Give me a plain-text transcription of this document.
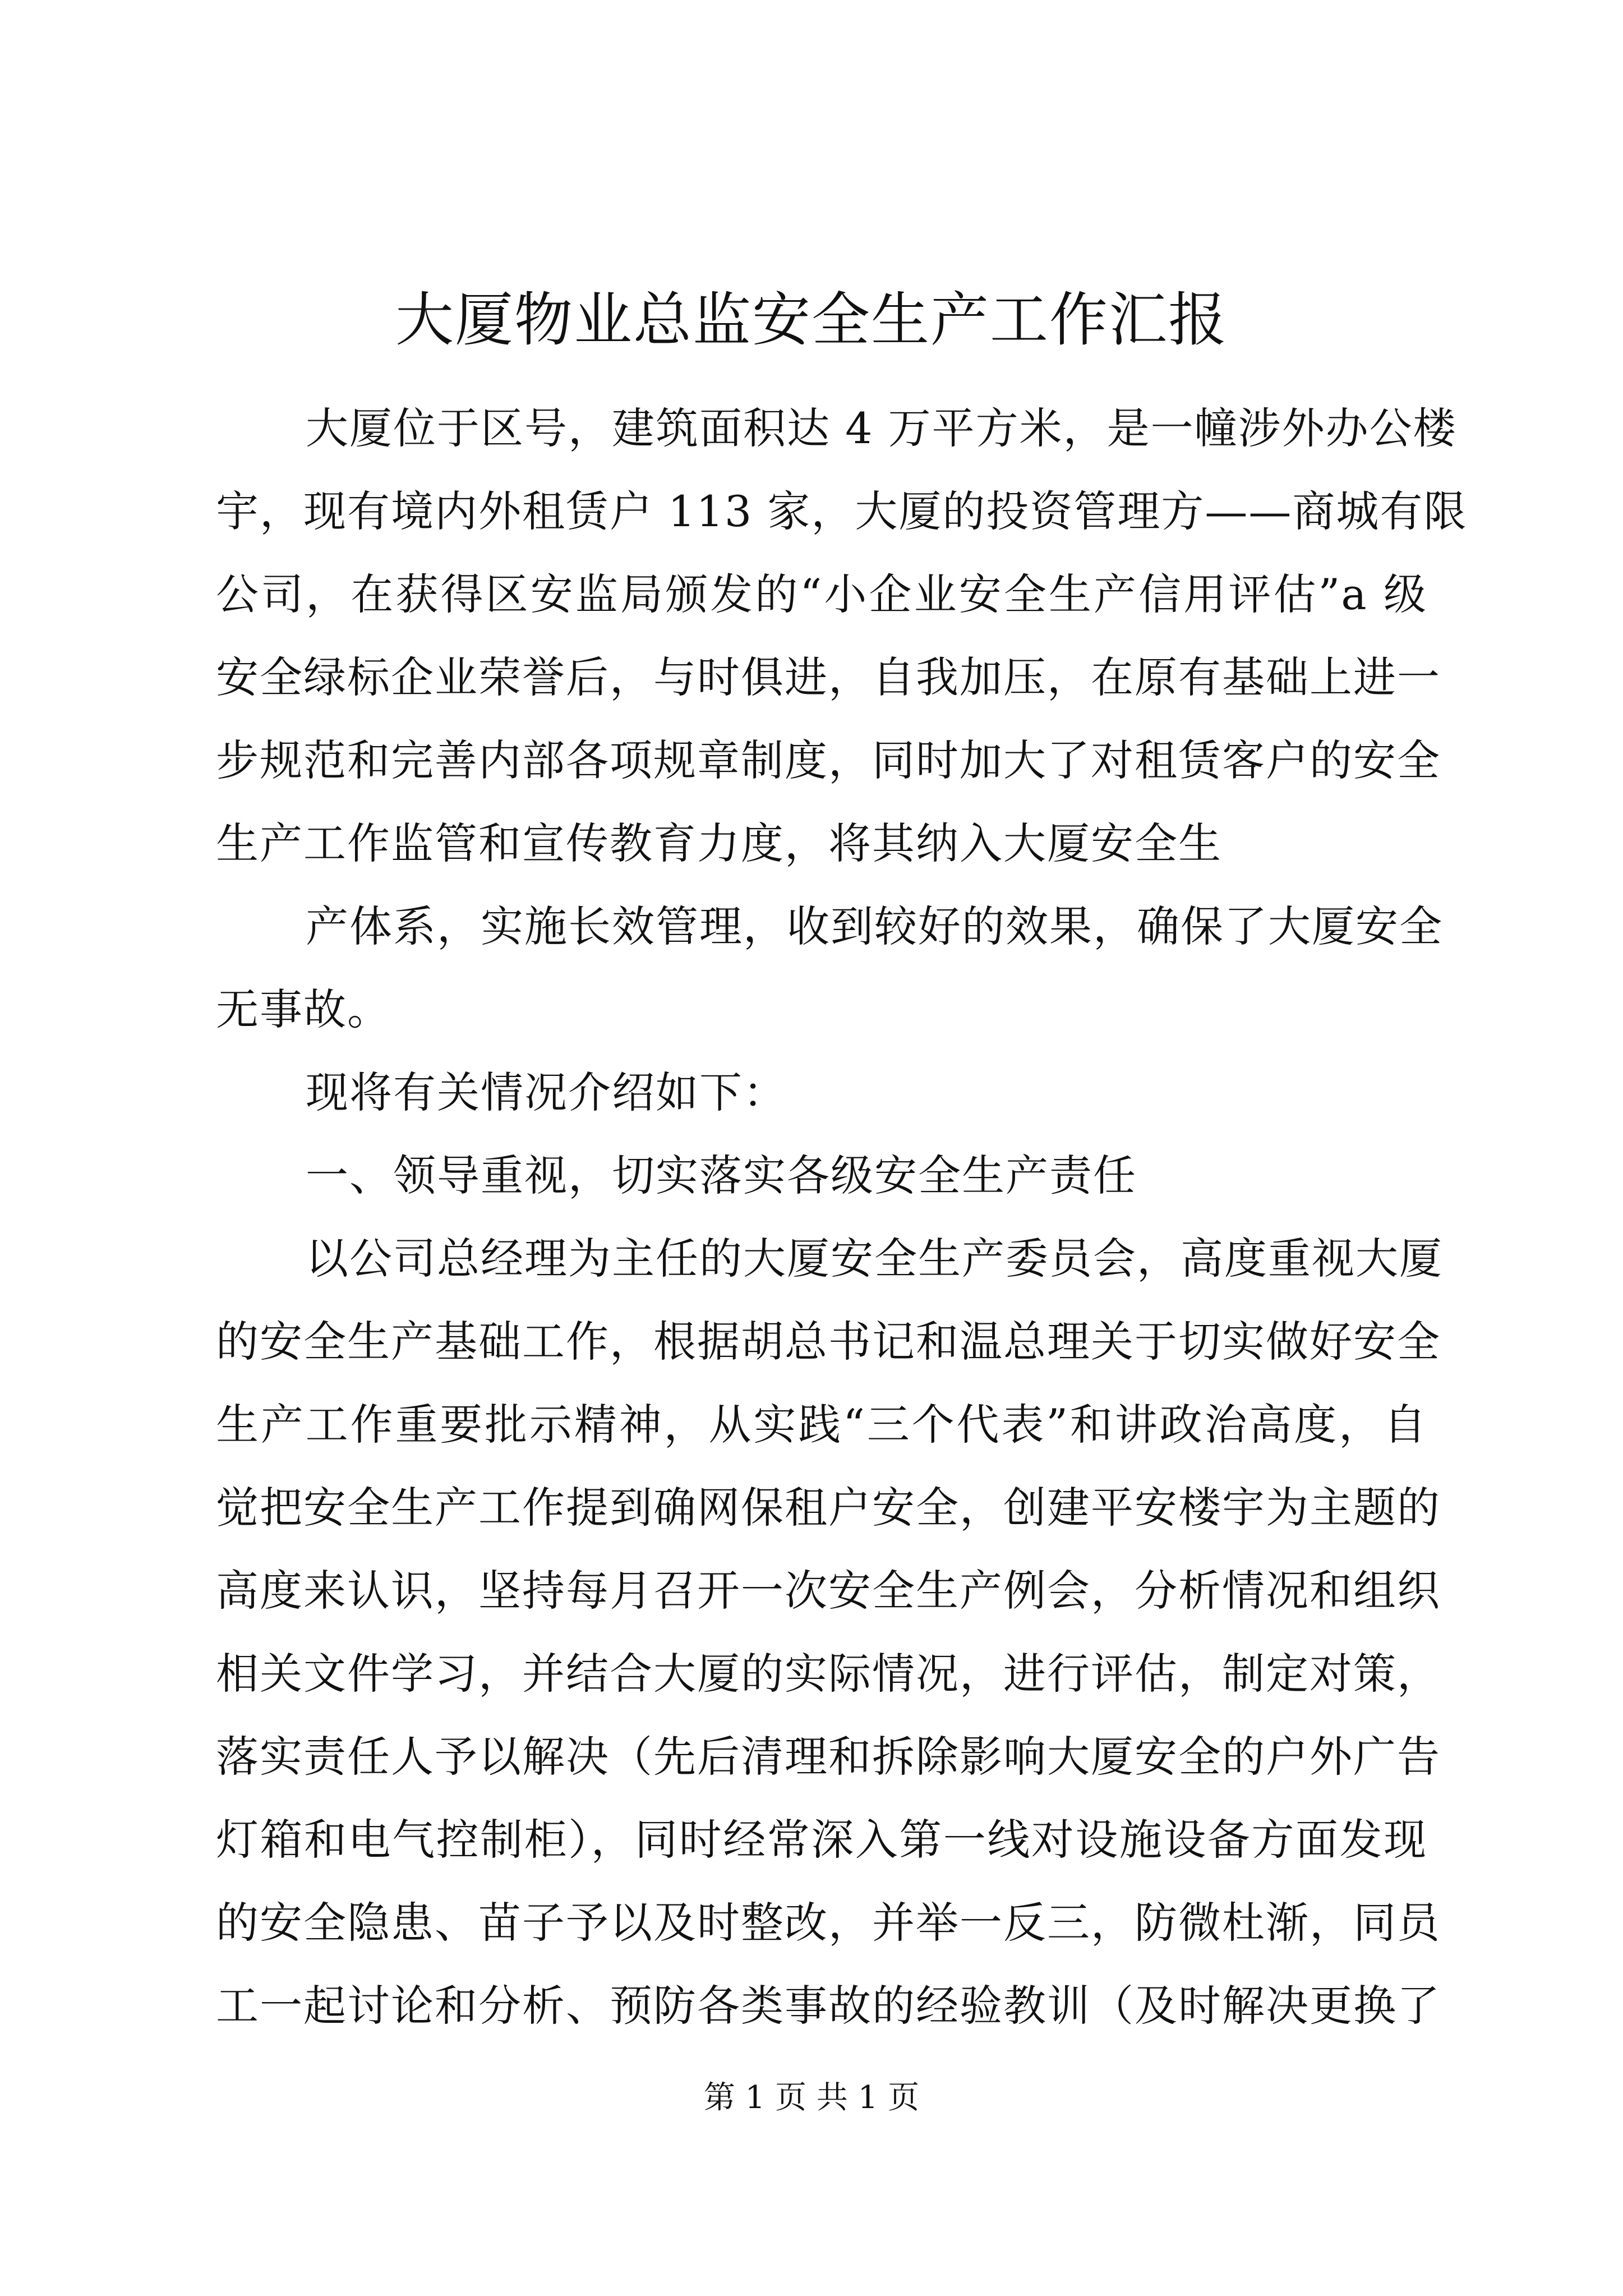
大厦物业总监安全生产工作汇报
大厦位于区号，建筑面积达 4 万平方米，是一幢涉外办公楼
宇，现有境内外租赁户 113 家，大厦的投资管理方——商城有限
公司，在获得区安监局颁发的“小企业安全生产信用评估”a 级
安全绿标企业荣誉后，与时俱进，自我加压，在原有基础上进一
步规范和完善内部各项规章制度，同时加大了对租赁客户的安全
生产工作监管和宣传教育力度，将其纳入大厦安全生
产体系，实施长效管理，收到较好的效果，确保了大厦安全
无事故。
现将有关情况介绍如下：
一、领导重视，切实落实各级安全生产责任
以公司总经理为主任的大厦安全生产委员会，高度重视大厦
的安全生产基础工作，根据胡总书记和温总理关于切实做好安全
生产工作重要批示精神，从实践“三个代表”和讲政治高度，自
觉把安全生产工作提到确网保租户安全，创建平安楼宇为主题的
高度来认识，坚持每月召开一次安全生产例会，分析情况和组织
相关文件学习，并结合大厦的实际情况，进行评估，制定对策，
落实责任人予以解决（先后清理和拆除影响大厦安全的户外广告
灯箱和电气控制柜），同时经常深入第一线对设施设备方面发现
的安全隐患、苗子予以及时整改，并举一反三，防微杜渐，同员
工一起讨论和分析、预防各类事故的经验教训（及时解决更换了
第 1 页 共 1 页
